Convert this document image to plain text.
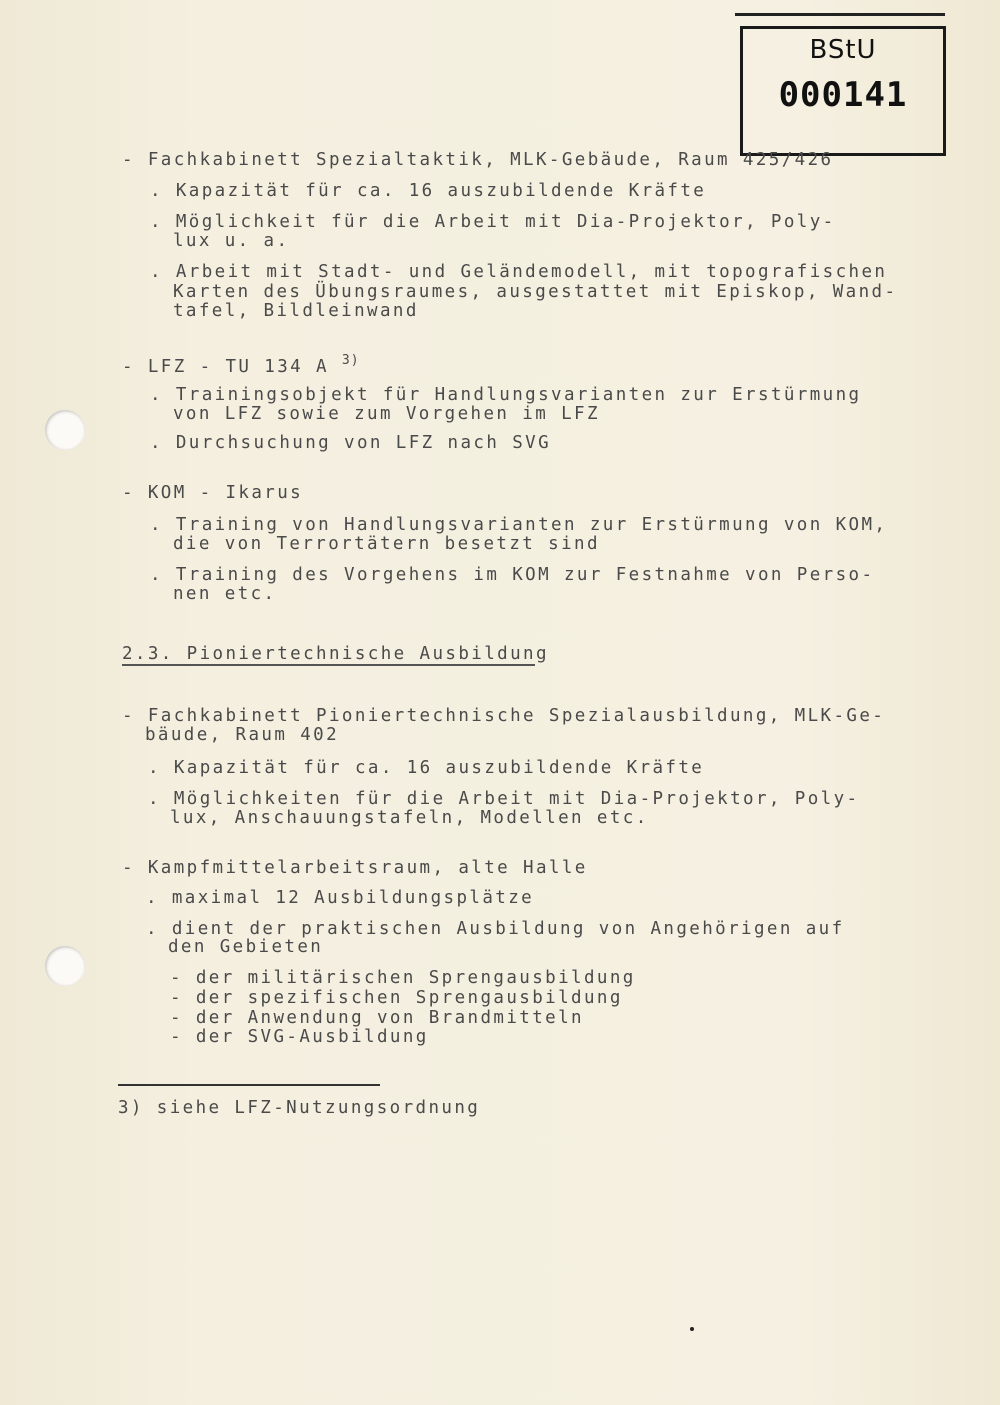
BStU
000141
- Fachkabinett Spezialtaktik, MLK-Gebäude, Raum 425/426
. Kapazität für ca. 16 auszubildende Kräfte
. Möglichkeit für die Arbeit mit Dia-Projektor, Poly-
lux u. a.
. Arbeit mit Stadt- und Geländemodell, mit topografischen
Karten des Übungsraumes, ausgestattet mit Episkop, Wand-
tafel, Bildleinwand
- LFZ - TU 134 A $^{3)}$
. Trainingsobjekt für Handlungsvarianten zur Erstürmung
von LFZ sowie zum Vorgehen im LFZ
. Durchsuchung von LFZ nach SVG
- KOM - Ikarus
. Training von Handlungsvarianten zur Erstürmung von KOM,
die von Terrortätern besetzt sind
. Training des Vorgehens im KOM zur Festnahme von Perso-
nen etc.
2.3. Pioniertechnische Ausbildung
- Fachkabinett Pioniertechnische Spezialausbildung, MLK-Ge-
bäude, Raum 402
. Kapazität für ca. 16 auszubildende Kräfte
. Möglichkeiten für die Arbeit mit Dia-Projektor, Poly-
lux, Anschauungstafeln, Modellen etc.
- Kampfmittelarbeitsraum, alte Halle
. maximal 12 Ausbildungsplätze
. dient der praktischen Ausbildung von Angehörigen auf
den Gebieten
- der militärischen Sprengausbildung
- der spezifischen Sprengausbildung
- der Anwendung von Brandmitteln
- der SVG-Ausbildung
3) siehe LFZ-Nutzungsordnung
